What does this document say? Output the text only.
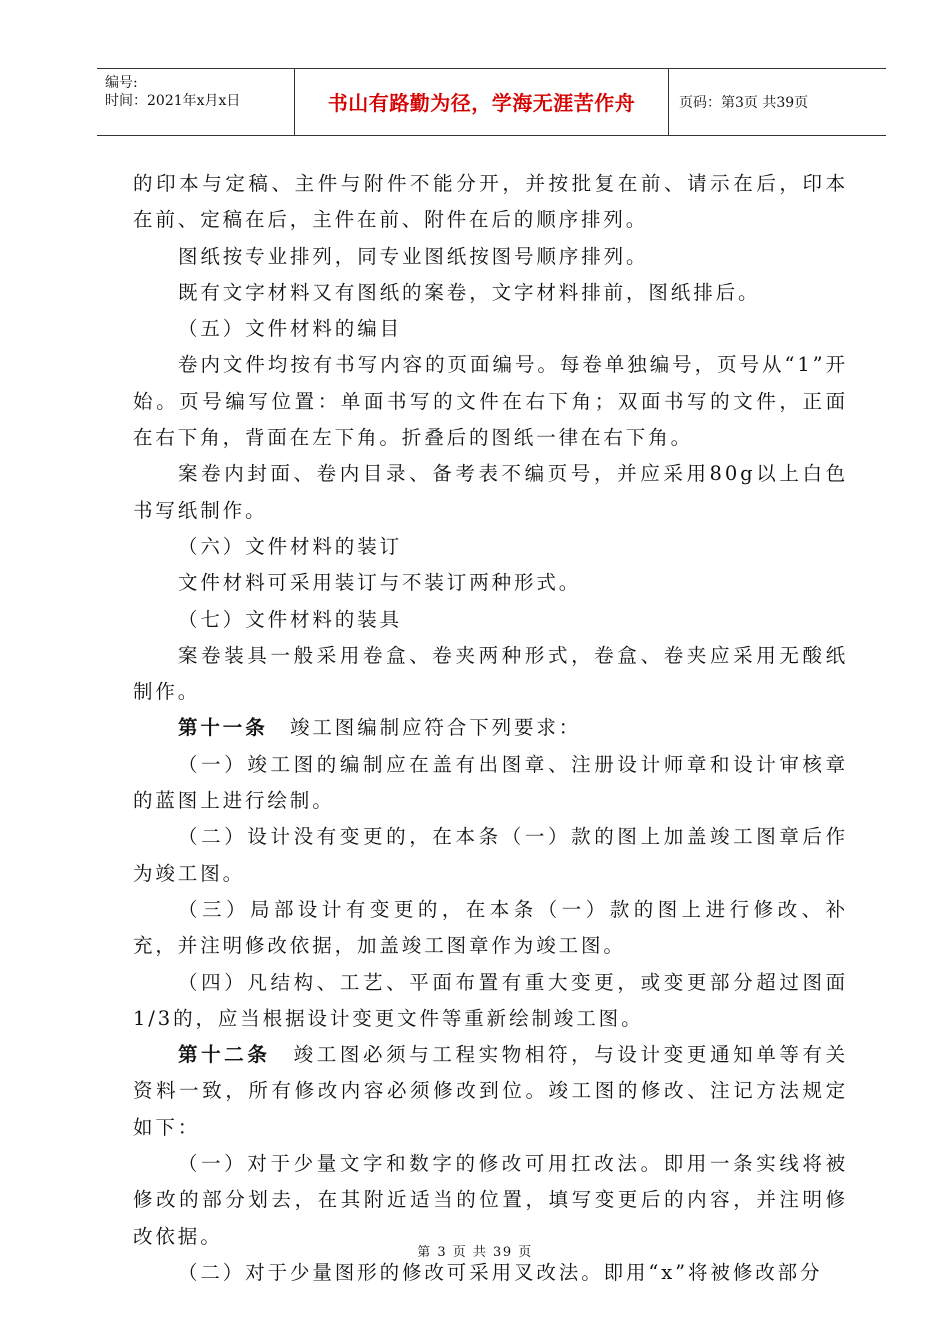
编号:
时间：2021年x月x日	书山有路勤为径，学海无涯苦作舟	页码：第3页 共39页

的印本与定稿、主件与附件不能分开，并按批复在前、请示在后，印本在前、定稿在后，主件在前、附件在后的顺序排列。

图纸按专业排列，同专业图纸按图号顺序排列。

既有文字材料又有图纸的案卷，文字材料排前，图纸排后。

（五）文件材料的编目

卷内文件均按有书写内容的页面编号。每卷单独编号，页号从“1”开始。页号编写位置：单面书写的文件在右下角；双面书写的文件，正面在右下角，背面在左下角。折叠后的图纸一律在右下角。

案卷内封面、卷内目录、备考表不编页号，并应采用80g以上白色书写纸制作。

（六）文件材料的装订

文件材料可采用装订与不装订两种形式。

（七）文件材料的装具

案卷装具一般采用卷盒、卷夹两种形式，卷盒、卷夹应采用无酸纸制作。

第十一条　竣工图编制应符合下列要求：

（一）竣工图的编制应在盖有出图章、注册设计师章和设计审核章的蓝图上进行绘制。

（二）设计没有变更的，在本条（一）款的图上加盖竣工图章后作为竣工图。

（三）局部设计有变更的，在本条（一）款的图上进行修改、补充，并注明修改依据，加盖竣工图章作为竣工图。

（四）凡结构、工艺、平面布置有重大变更，或变更部分超过图面1/3的，应当根据设计变更文件等重新绘制竣工图。

第十二条　竣工图必须与工程实物相符，与设计变更通知单等有关资料一致，所有修改内容必须修改到位。竣工图的修改、注记方法规定如下：

（一）对于少量文字和数字的修改可用扛改法。即用一条实线将被修改的部分划去，在其附近适当的位置，填写变更后的内容，并注明修改依据。

（二）对于少量图形的修改可采用叉改法。即用“x”将被修改部分

第 3 页 共 39 页
